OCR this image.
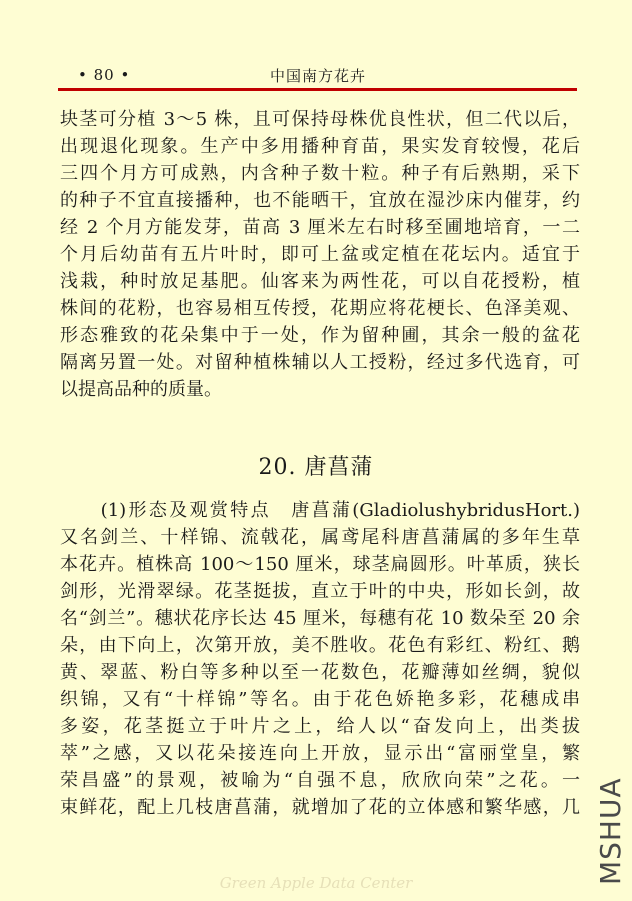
• 80 •	中国南方花卉
块茎可分植 3～5 株，且可保持母株优良性状，但二代以后，
出现退化现象。生产中多用播种育苗，果实发育较慢，花后
三四个月方可成熟，内含种子数十粒。种子有后熟期，采下
的种子不宜直接播种，也不能晒干，宜放在湿沙床内催芽，约
经 2 个月方能发芽，苗高 3 厘米左右时移至圃地培育，一二
个月后幼苗有五片叶时，即可上盆或定植在花坛内。适宜于
浅栽，种时放足基肥。仙客来为两性花，可以自花授粉，植
株间的花粉，也容易相互传授，花期应将花梗长、色泽美观、
形态雅致的花朵集中于一处，作为留种圃，其余一般的盆花
隔离另置一处。对留种植株辅以人工授粉，经过多代选育，可
以提高品种的质量。
20. 唐菖蒲
　　(1)形态及观赏特点　唐菖蒲(GladiolushybridusHort.)
又名剑兰、十样锦、流戟花，属鸢尾科唐菖蒲属的多年生草
本花卉。植株高 100～150 厘米，球茎扁圆形。叶革质，狭长
剑形，光滑翠绿。花茎挺拔，直立于叶的中央，形如长剑，故
名“剑兰”。穗状花序长达 45 厘米，每穗有花 10 数朵至 20 余
朵，由下向上，次第开放，美不胜收。花色有彩红、粉红、鹅
黄、翠蓝、粉白等多种以至一花数色，花瓣薄如丝绸，貌似
织锦，又有“十样锦”等名。由于花色娇艳多彩，花穗成串
多姿，花茎挺立于叶片之上，给人以“奋发向上，出类拔
萃”之感，又以花朵接连向上开放，显示出“富丽堂皇，繁
荣昌盛”的景观，被喻为“自强不息，欣欣向荣”之花。一
束鲜花，配上几枝唐菖蒲，就增加了花的立体感和繁华感，几 MSHUA
Green Apple Data Center
